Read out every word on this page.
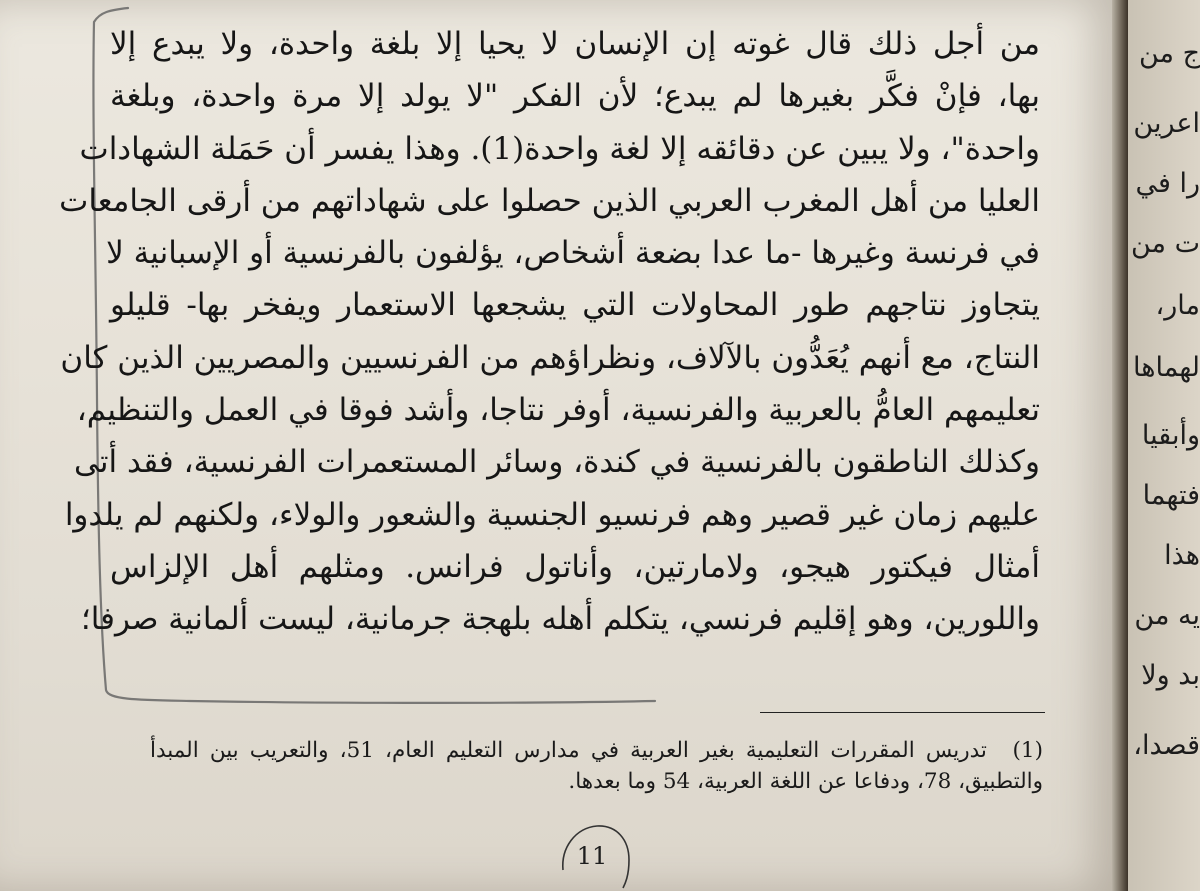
من أجل ذلك قال غوته إن الإنسان لا يحيا إلا بلغة واحدة، ولا يبدع إلا
بها، فإنْ فكَّر بغيرها لم يبدع؛ لأن الفكر "لا يولد إلا مرة واحدة، وبلغة
واحدة"، ولا يبين عن دقائقه إلا لغة واحدة(1). وهذا يفسر أن حَمَلة الشهادات
العليا من أهل المغرب العربي الذين حصلوا على شهاداتهم من أرقى الجامعات
في فرنسة وغيرها -ما عدا بضعة أشخاص، يؤلفون بالفرنسية أو الإسبانية لا
يتجاوز نتاجهم طور المحاولات التي يشجعها الاستعمار ويفخر بها- قليلو
النتاج، مع أنهم يُعَدُّون بالآلاف، ونظراؤهم من الفرنسيين والمصريين الذين كان
تعليمهم العامُّ بالعربية والفرنسية، أوفر نتاجا، وأشد فوقا في العمل والتنظيم،
وكذلك الناطقون بالفرنسية في كندة، وسائر المستعمرات الفرنسية، فقد أتى
عليهم زمان غير قصير وهم فرنسيو الجنسية والشعور والولاء، ولكنهم لم يلدوا
أمثال فيكتور هيجو، ولامارتين، وأناتول فرانس. ومثلهم أهل الإلزاس
واللورين، وهو إقليم فرنسي، يتكلم أهله بلهجة جرمانية، ليست ألمانية صرفا؛
(1) تدريس المقررات التعليمية بغير العربية في مدارس التعليم العام، 51، والتعريب بين المبدأ
والتطبيق، 78، ودفاعا عن اللغة العربية، 54 وما بعدها.
11
ج من
اعرين
را في
ت من
مار،
لهماها
وأبقيا
فتهما
هذا
يه من
بد ولا
قصدا،
